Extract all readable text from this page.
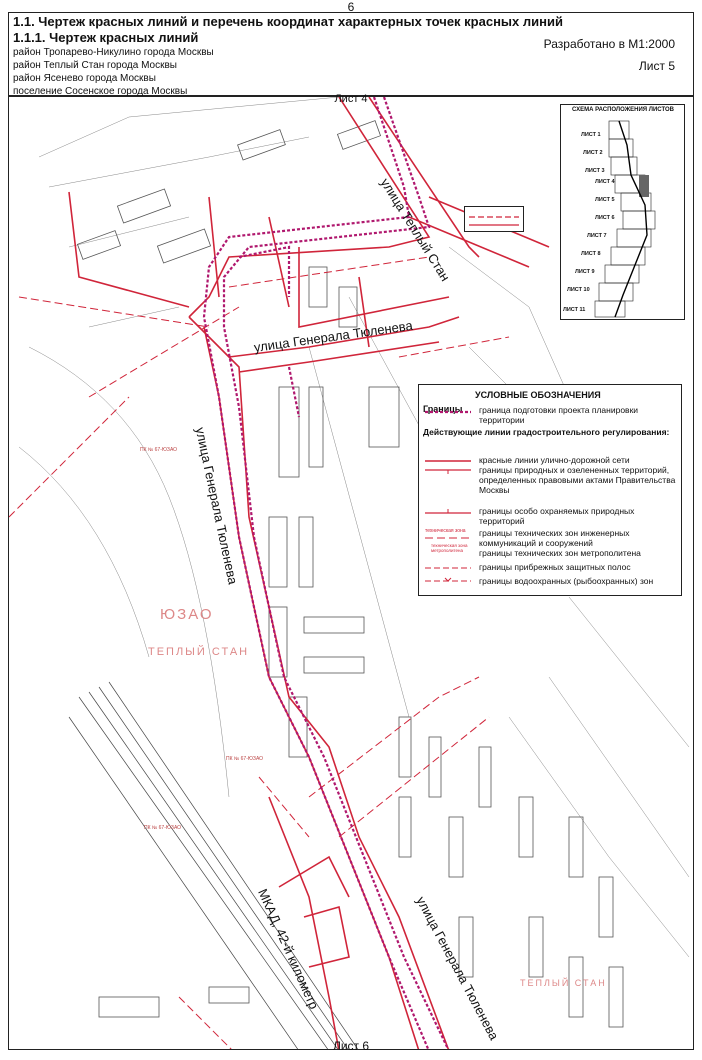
6
1.1. Чертеж красных линий и перечень координат характерных точек красных линий
1.1.1. Чертеж красных линий
район Тропарево-Никулино города Москвы
район Теплый Стан города Москвы
район Ясенево города Москвы
поселение Сосенское города Москвы
Разработано в М1:2000
Лист 5
Лист 4
Лист 6
улица Теплый Стан
улица Генерала Тюленева
улица Генерала Тюленева
улица Генерала Тюленева
МКАД, 42-й километр
ЮЗАО
ТЕПЛЫЙ СТАН
ТЕПЛЫЙ СТАН
ПК № 67-ЮЗАО
ПК № 67-ЮЗАО
ПК № 67-ЮЗАО
УСЛОВНЫЕ ОБОЗНАЧЕНИЯ
Границы граница подготовки проекта планировки территории
Действующие линии градостроительного регулирования:
красные линии улично-дорожной сети
границы природных и озелененных территорий, определенных правовыми актами Правительства Москвы
границы особо охраняемых природных территорий
техническая зона границы технических зон инженерных коммуникаций и сооружений
техническая зона метрополитена	границы технических зон метрополитена
границы прибрежных защитных полос
границы водоохранных (рыбоохранных) зон
СХЕМА РАСПОЛОЖЕНИЯ ЛИСТОВ
ЛИСТ 1
ЛИСТ 2
ЛИСТ 3
ЛИСТ 4
ЛИСТ 5
ЛИСТ 6
ЛИСТ 7
ЛИСТ 8
ЛИСТ 9
ЛИСТ 10
ЛИСТ 11
